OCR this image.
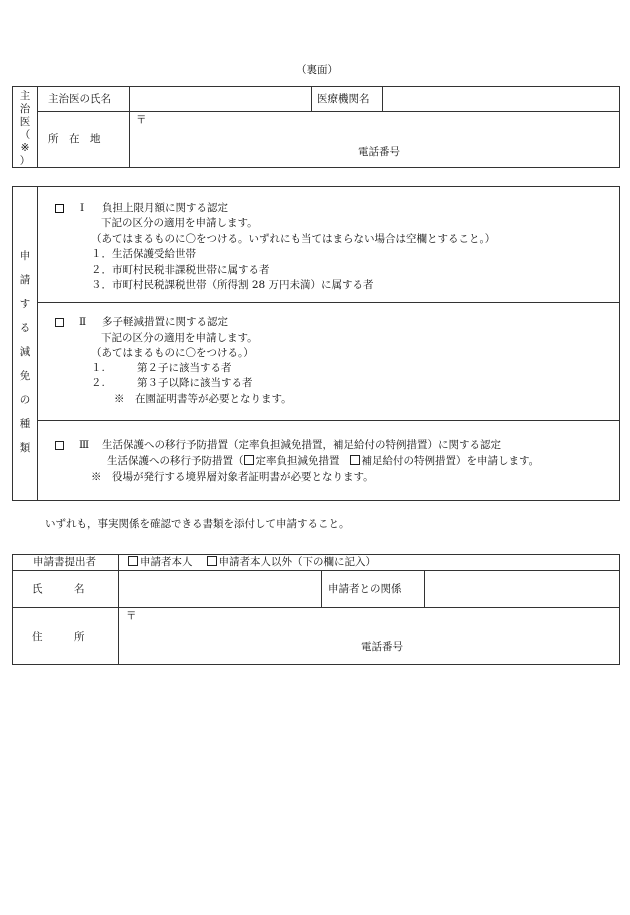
（裏面）
主
治
医
（
※
）
主治医の氏名	医療機関名
所　在　地
〒
電話番号
申
請
す
る
減
免
の
種
類
Ⅰ 負担上限月額に関する認定
下記の区分の適用を申請します。
（あてはまるものに〇をつける。いずれにも当てはまらない場合は空欄とすること。）
１．生活保護受給世帯
２．市町村民税非課税世帯に属する者
３．市町村民税課税世帯（所得割 28 万円未満）に属する者
Ⅱ 多子軽減措置に関する認定
下記の区分の適用を申請します。
（あてはまるものに〇をつける。）
１.	第２子に該当する者
２.	第３子以降に該当する者
※　在園証明書等が必要となります。
Ⅲ 生活保護への移行予防措置（定率負担減免措置，補足給付の特例措置）に関する認定
生活保護への移行予防措置（ 定率負担減免措置 補足給付の特例措置）を申請します。
※　役場が発行する境界層対象者証明書が必要となります。
いずれも，事実関係を確認できる書類を添付して申請すること。
申請書提出者	申請者本人 申請者本人以外（下の欄に記入）
氏　　　名	申請者との関係
住　　　所
〒
電話番号
